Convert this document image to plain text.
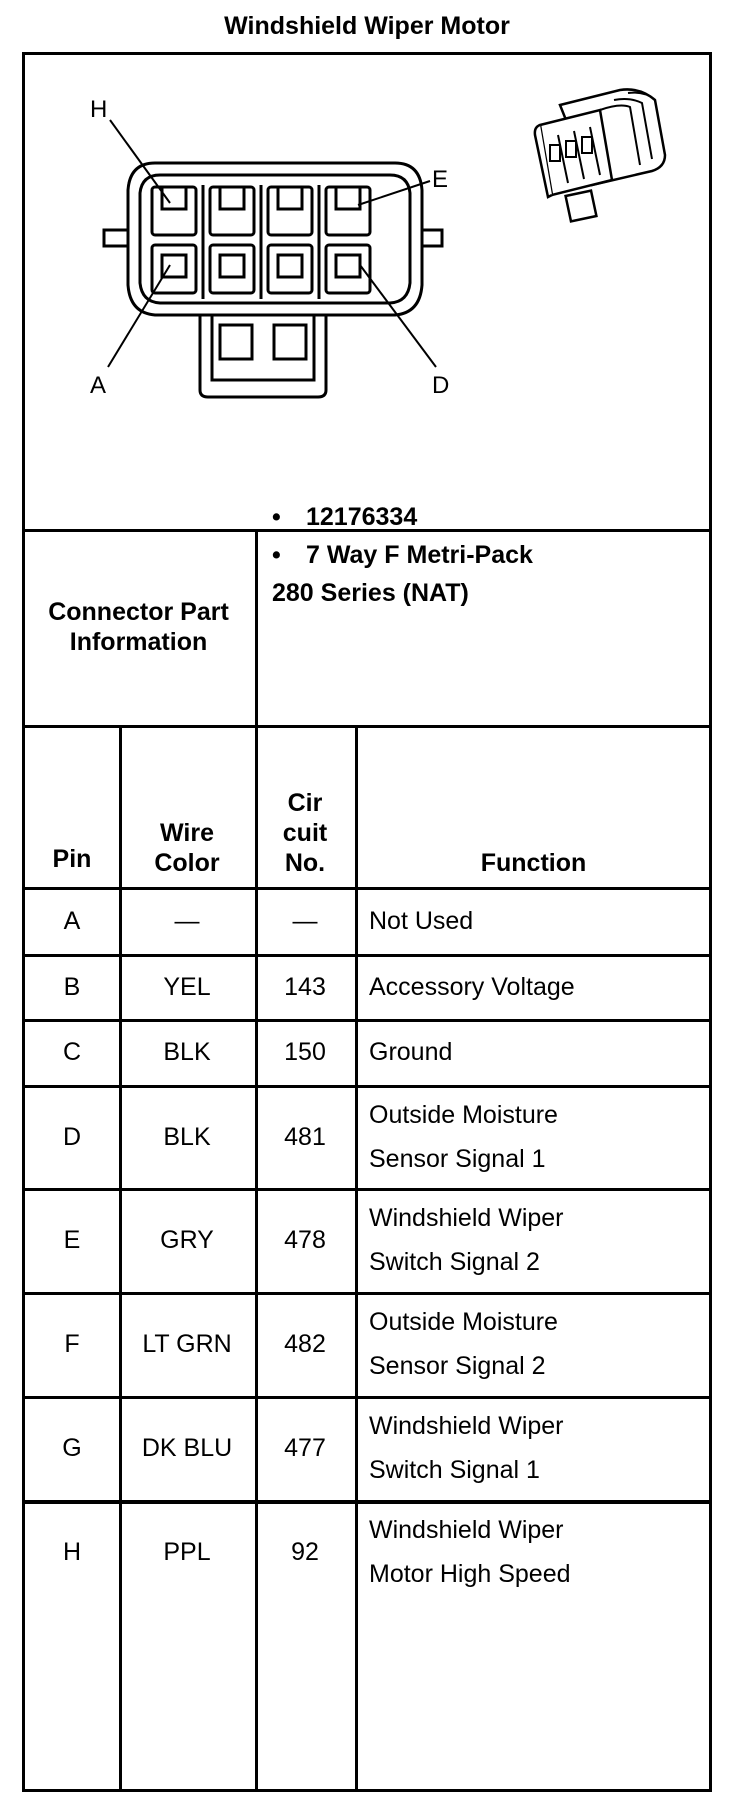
Windshield Wiper Motor
H
E
A	D
Connector Part
Information
• 12176334
• 7 Way F Metri-Pack
280 Series (NAT)
Pin
Wire
Color
Cir
cuit
No.	Function
A	—	—	Not Used
B	YEL	143	Accessory Voltage
C	BLK	150	Ground
D	BLK	481
Outside Moisture
Sensor Signal 1
E	GRY	478
Windshield Wiper
Switch Signal 2
F	LT GRN	482
Outside Moisture
Sensor Signal 2
G	DK BLU	477
Windshield Wiper
Switch Signal 1
H	PPL	92
Windshield Wiper
Motor High Speed
